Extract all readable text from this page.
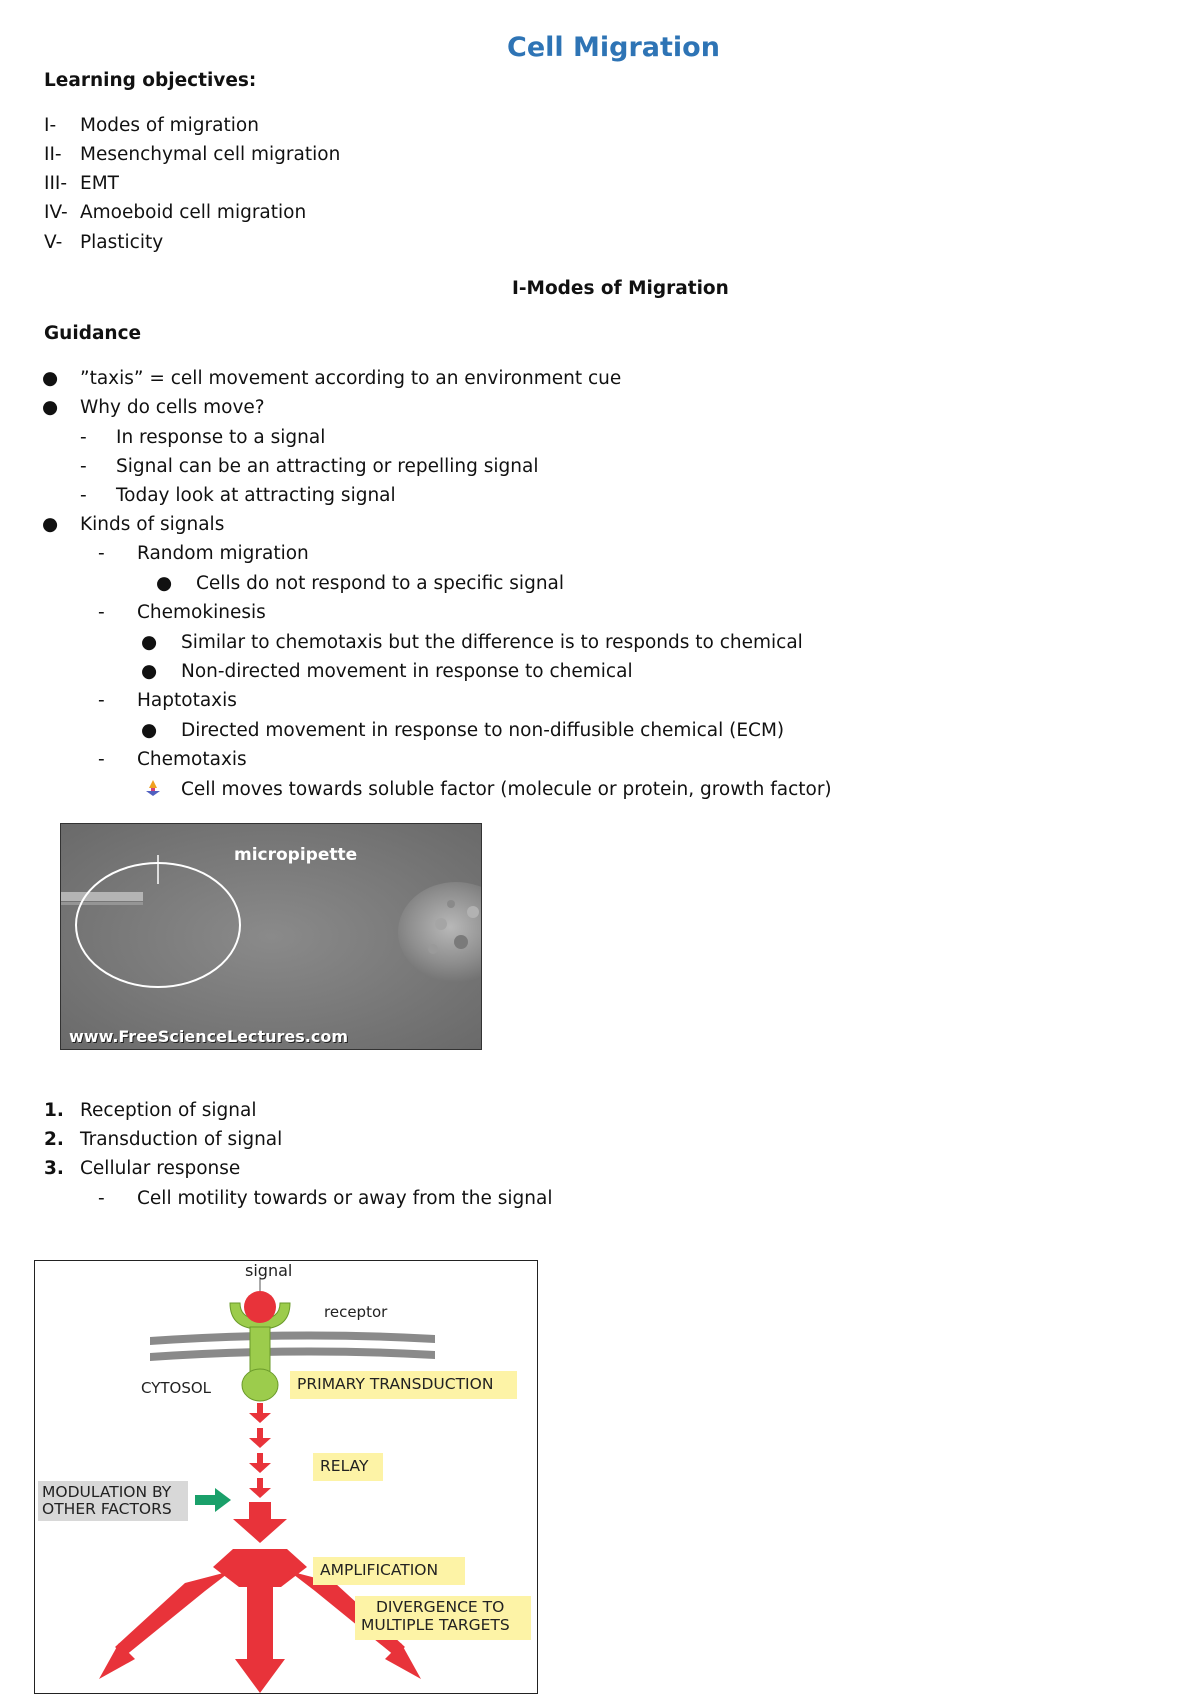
Cell Migration
Learning objectives:
I- Modes of migration
II- Mesenchymal cell migration
III- EMT
IV- Amoeboid cell migration
V- Plasticity
I-Modes of Migration
Guidance
● ”taxis” = cell movement according to an environment cue
● Why do cells move?
- In response to a signal
- Signal can be an attracting or repelling signal
- Today look at attracting signal
● Kinds of signals
- Random migration
● Cells do not respond to a specific signal
- Chemokinesis
● Similar to chemotaxis but the difference is to responds to chemical
● Non-directed movement in response to chemical
- Haptotaxis
● Directed movement in response to non-diffusible chemical (ECM)
- Chemotaxis
Cell moves towards soluble factor (molecule or protein, growth factor)
micropipette
www.FreeScienceLectures.com
1. Reception of signal
2. Transduction of signal
3. Cellular response
- Cell motility towards or away from the signal
signal
receptor
CYTOSOL	PRIMARY TRANSDUCTION
RELAY
MODULATION BY
OTHER FACTORS
AMPLIFICATION
DIVERGENCE TO
MULTIPLE TARGETS
